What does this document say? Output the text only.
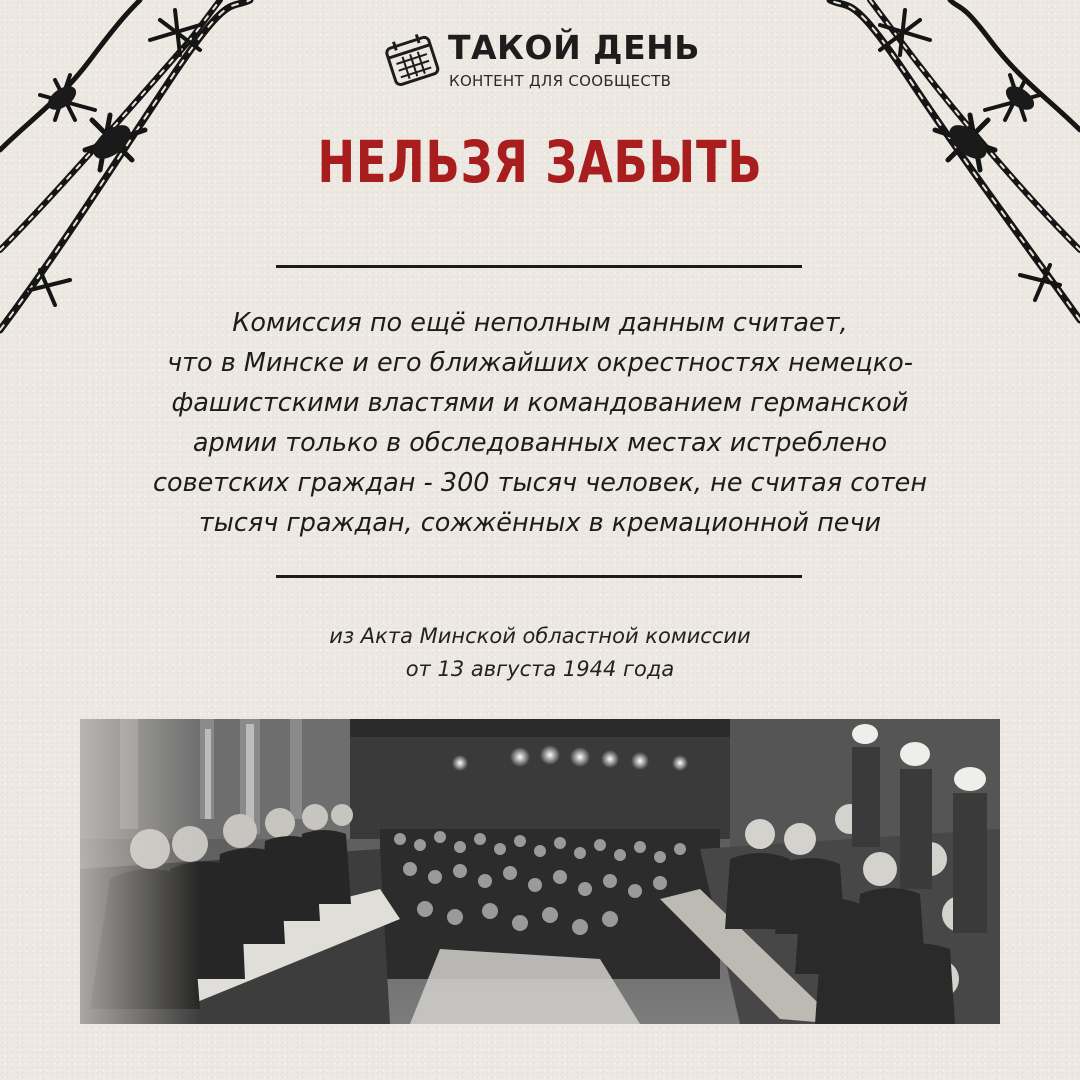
ТАКОЙ ДЕНЬ
КОНТЕНТ ДЛЯ СООБЩЕСТВ
НЕЛЬЗЯ ЗАБЫТЬ
Комиссия по ещё неполным данным считает,
что в Минске и его ближайших окрестностях немецко-
фашистскими властями и командованием германской
армии только в обследованных местах истреблено
советских граждан - 300 тысяч человек, не считая сотен
тысяч граждан, сожжённых в кремационной печи
из Акта Минской областной комиссии
от 13 августа 1944 года
